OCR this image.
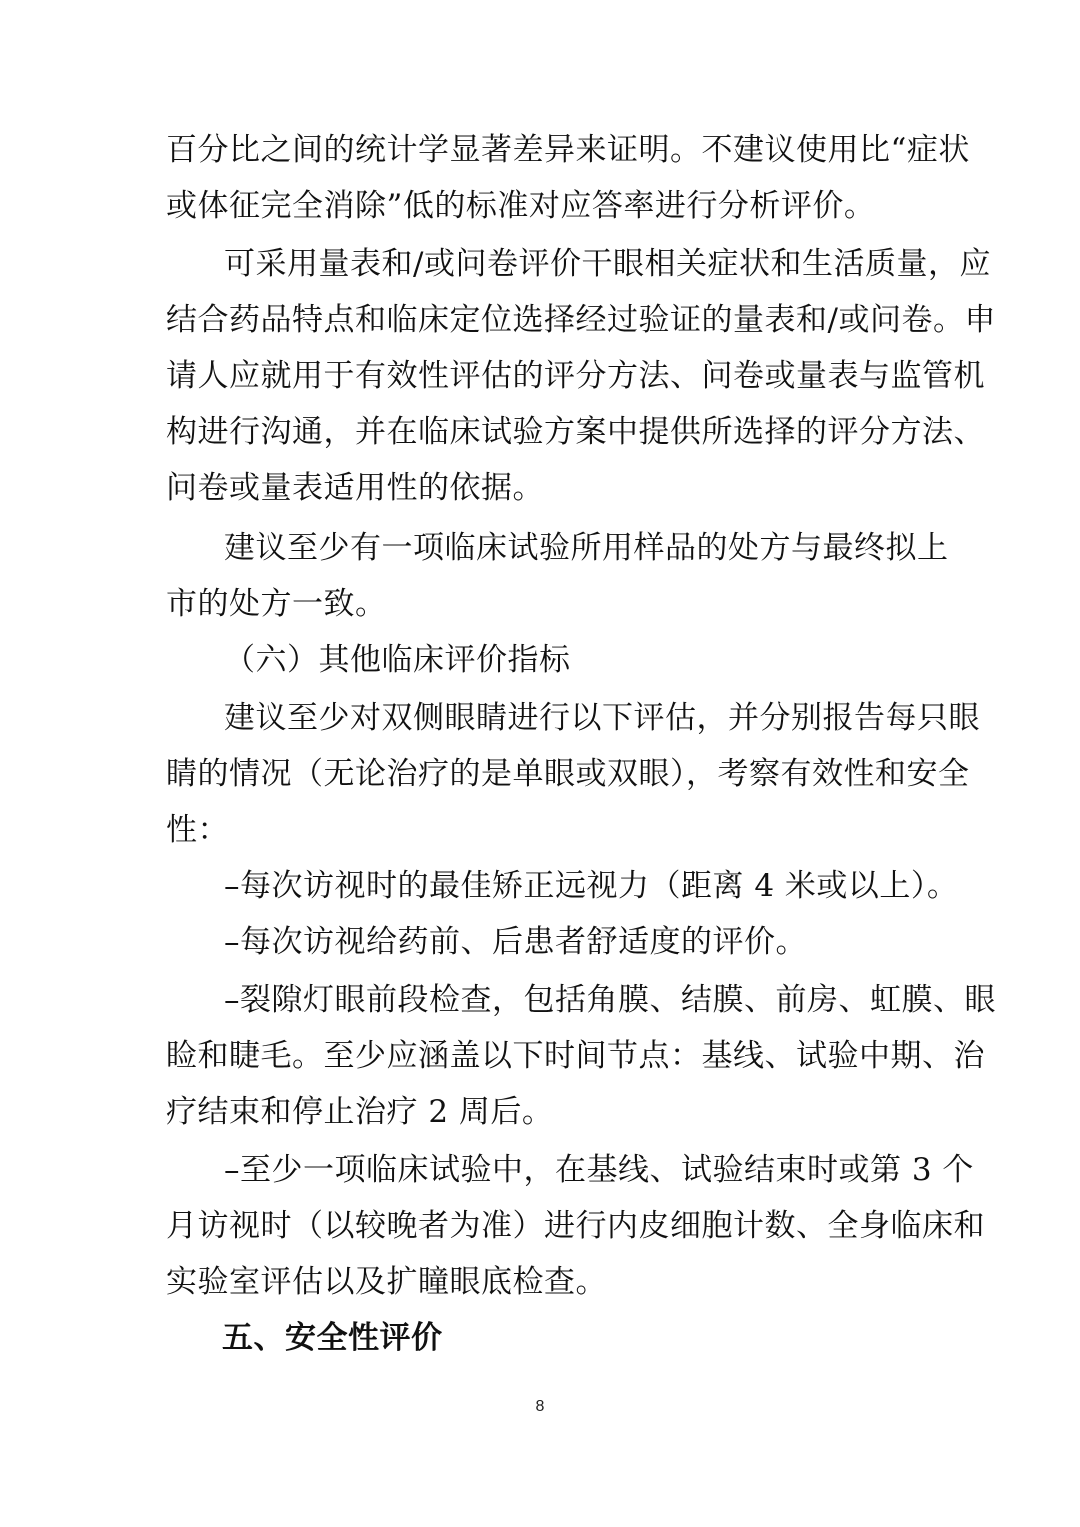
百分比之间的统计学显著差异来证明。不建议使用比“症状
或体征完全消除”低的标准对应答率进行分析评价。
可采用量表和/或问卷评价干眼相关症状和生活质量，应
结合药品特点和临床定位选择经过验证的量表和/或问卷。申
请人应就用于有效性评估的评分方法、问卷或量表与监管机
构进行沟通，并在临床试验方案中提供所选择的评分方法、
问卷或量表适用性的依据。
建议至少有一项临床试验所用样品的处方与最终拟上
市的处方一致。
（六）其他临床评价指标
建议至少对双侧眼睛进行以下评估，并分别报告每只眼
睛的情况（无论治疗的是单眼或双眼），考察有效性和安全
性：
–每次访视时的最佳矫正远视力（距离 4 米或以上）。
–每次访视给药前、后患者舒适度的评价。
–裂隙灯眼前段检查，包括角膜、结膜、前房、虹膜、眼
睑和睫毛。至少应涵盖以下时间节点：基线、试验中期、治
疗结束和停止治疗 2 周后。
–至少一项临床试验中，在基线、试验结束时或第 3 个
月访视时（以较晚者为准）进行内皮细胞计数、全身临床和
实验室评估以及扩瞳眼底检查。
五、安全性评价
8
